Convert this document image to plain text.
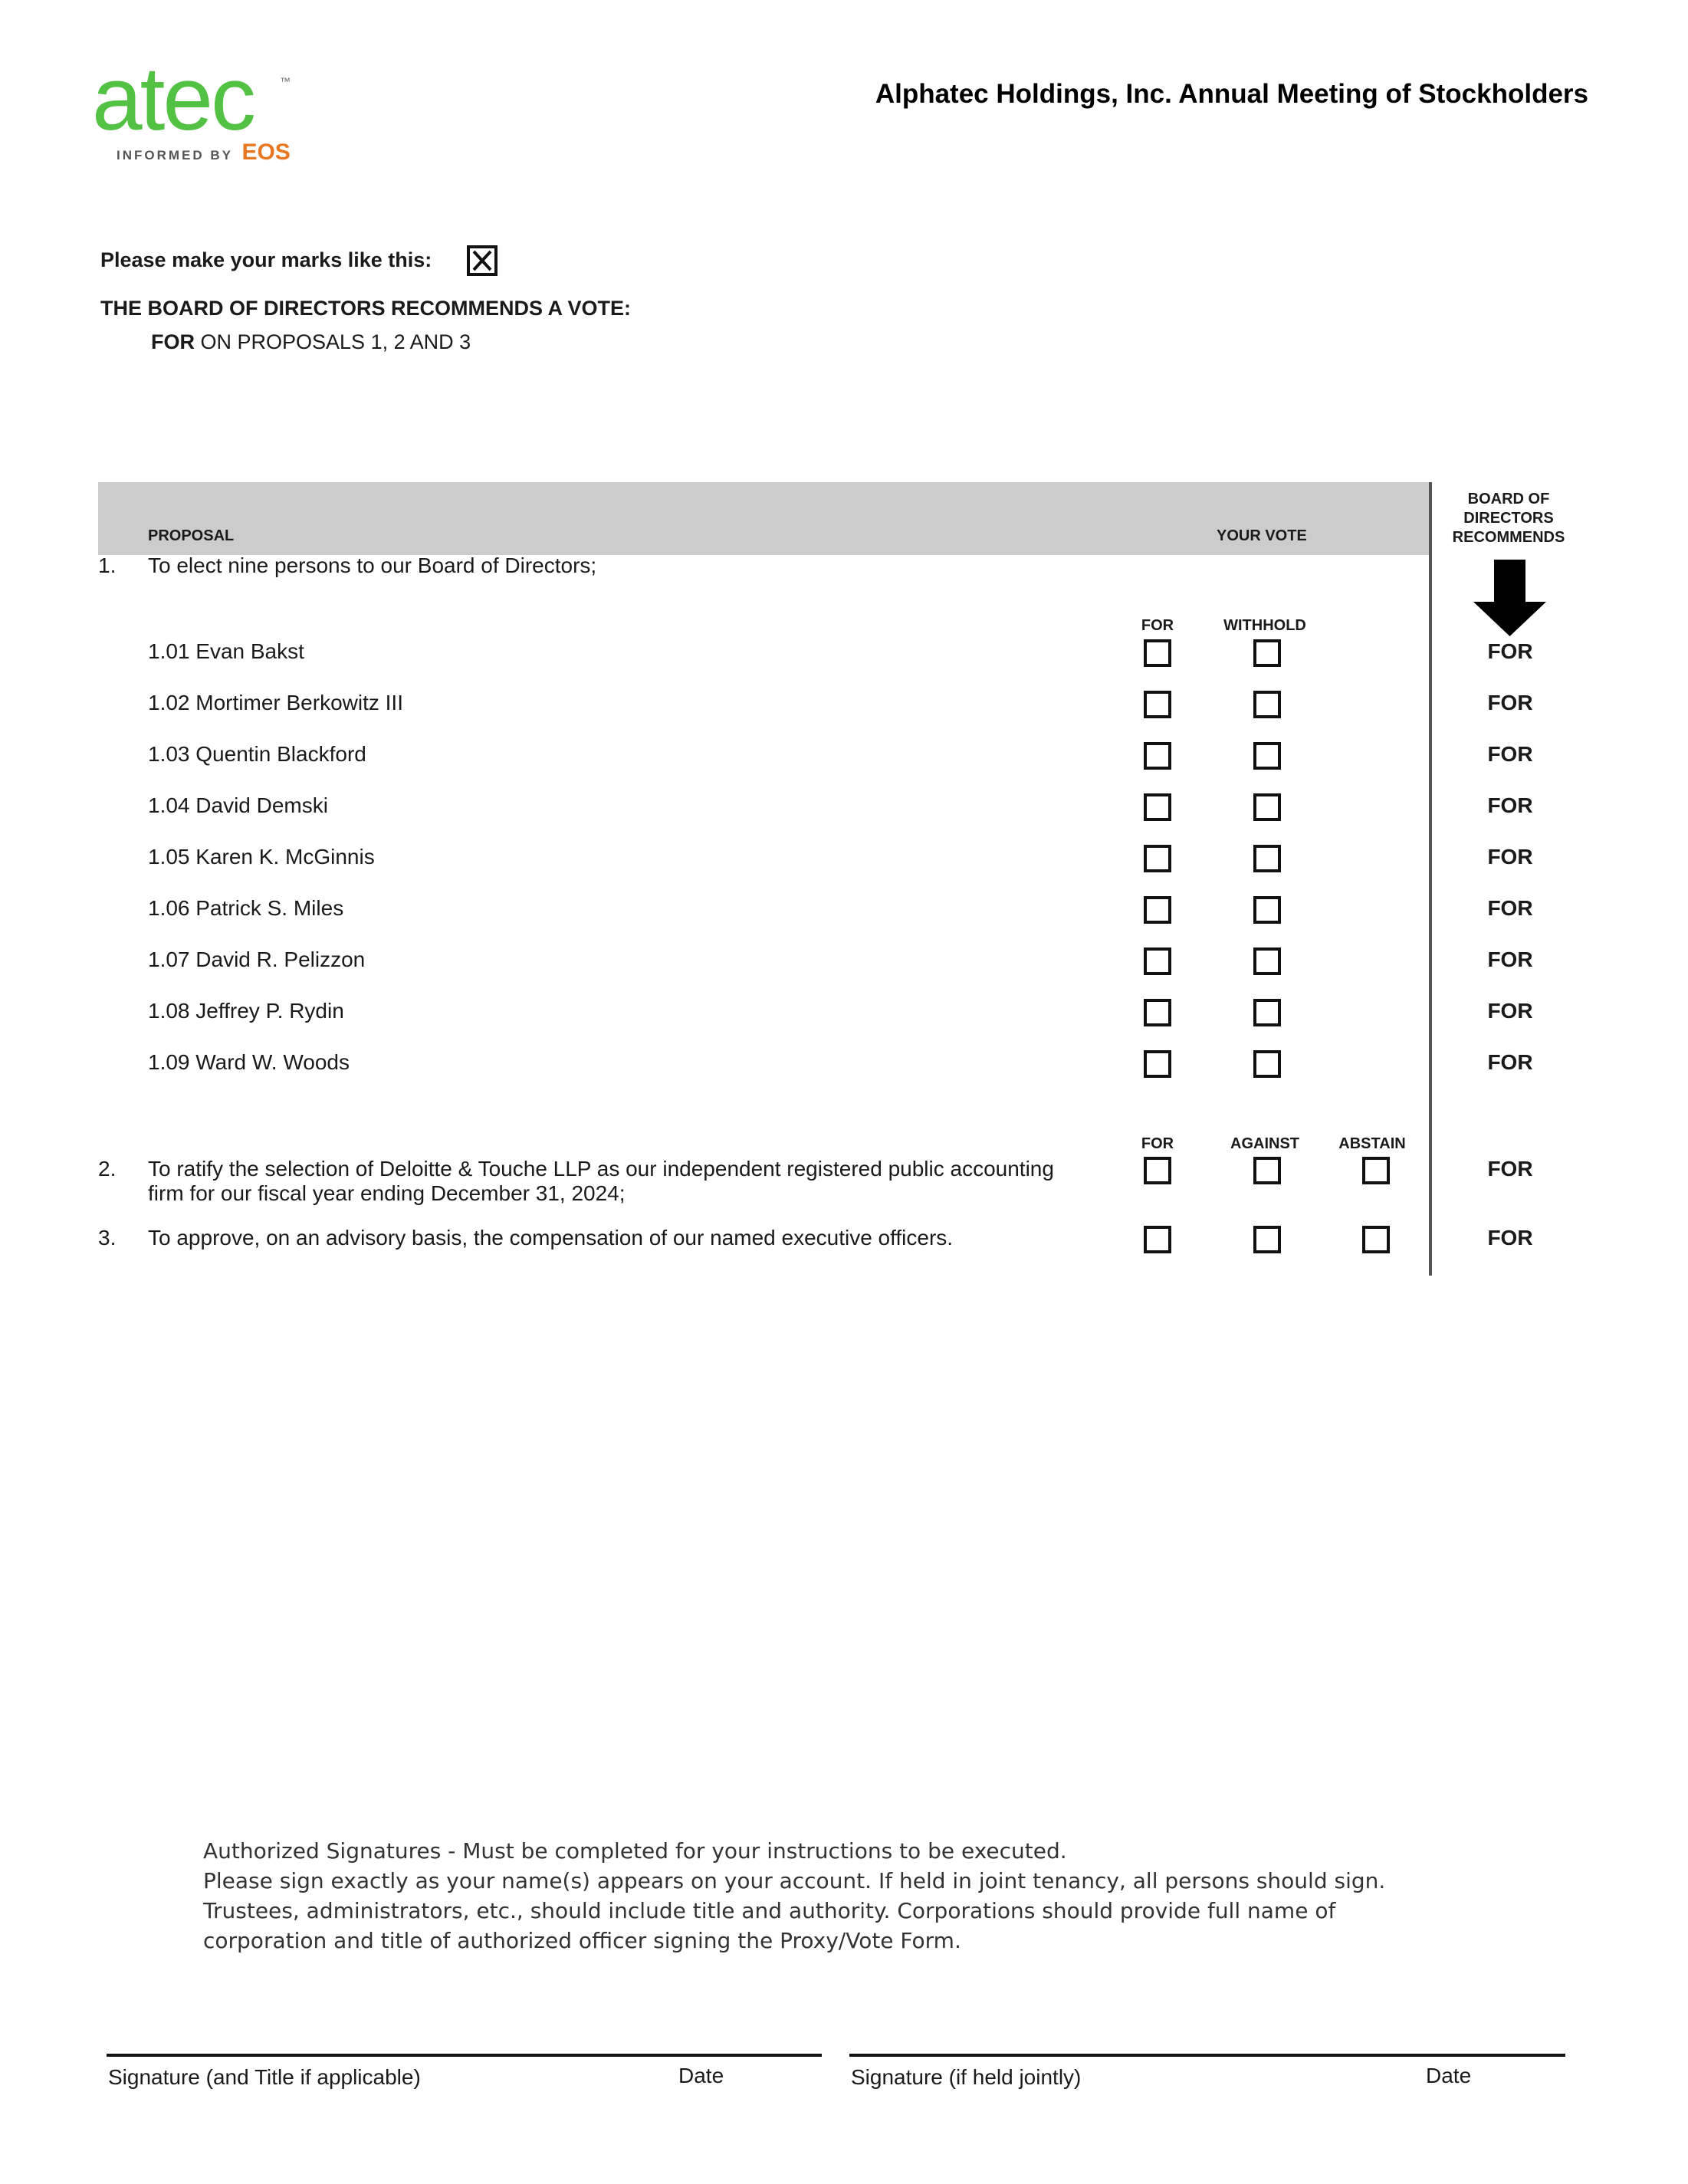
atec ™
INFORMED BY EOS
Alphatec Holdings, Inc. Annual Meeting of Stockholders
Please make your marks like this:
THE BOARD OF DIRECTORS RECOMMENDS A VOTE:
FOR ON PROPOSALS 1, 2 AND 3
PROPOSAL	YOUR VOTE
BOARD OF
DIRECTORS
RECOMMENDS
1. To elect nine persons to our Board of Directors;
FOR	WITHHOLD
1.01 Evan Bakst	FOR
1.02 Mortimer Berkowitz III	FOR
1.03 Quentin Blackford	FOR
1.04 David Demski	FOR
1.05 Karen K. McGinnis	FOR
1.06 Patrick S. Miles	FOR
1.07 David R. Pelizzon	FOR
1.08 Jeffrey P. Rydin	FOR
1.09 Ward W. Woods	FOR
FOR	AGAINST	ABSTAIN
2. To ratify the selection of Deloitte & Touche LLP as our independent registered public accounting
firm for our fiscal year ending December 31, 2024;
FOR
3. To approve, on an advisory basis, the compensation of our named executive officers.	FOR
Authorized Signatures - Must be completed for your instructions to be executed.
Please sign exactly as your name(s) appears on your account. If held in joint tenancy, all persons should sign. Trustees, administrators, etc., should include title and authority. Corporations should provide full name of corporation and title of authorized officer signing the Proxy/Vote Form.
Signature (and Title if applicable)	Date	Signature (if held jointly)	Date
